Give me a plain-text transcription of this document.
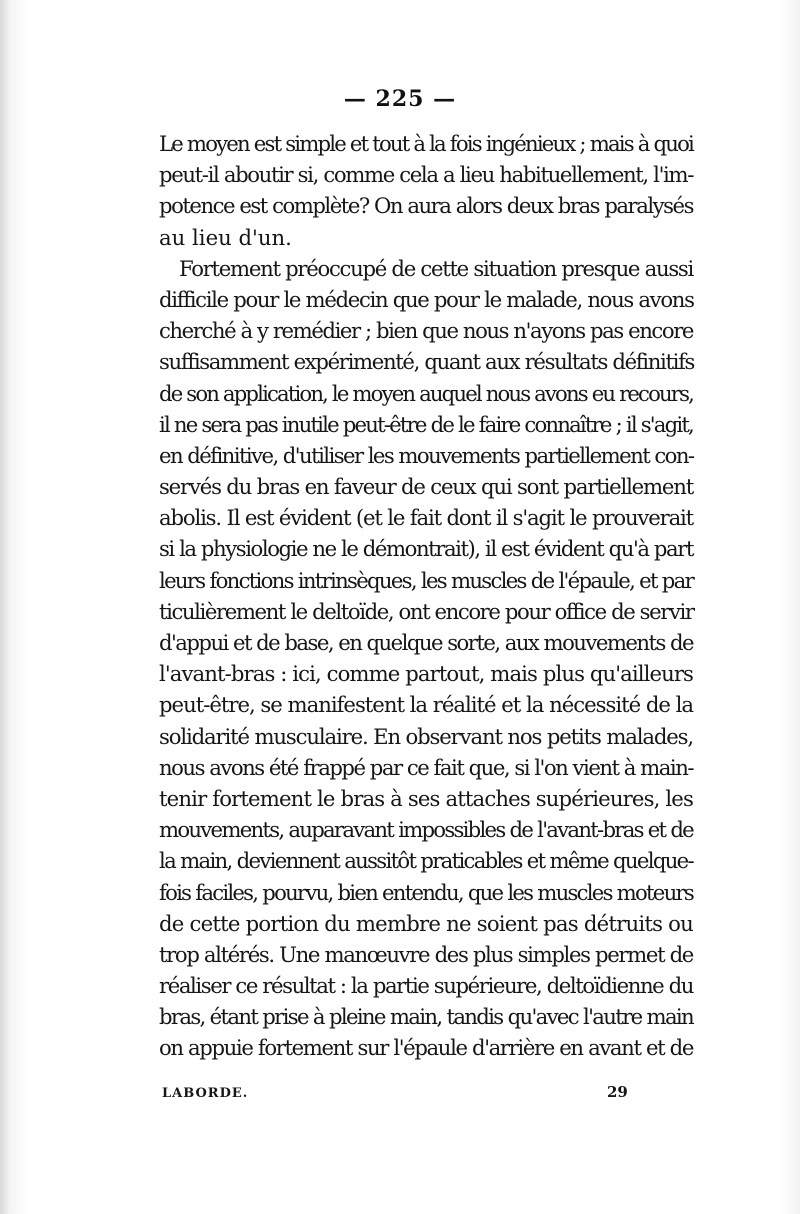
— 225 —
Le moyen est simple et tout à la fois ingénieux ; mais à quoi
peut-il aboutir si, comme cela a lieu habituellement, l'im-
potence est complète? On aura alors deux bras paralysés
au lieu d'un.
Fortement préoccupé de cette situation presque aussi
difficile pour le médecin que pour le malade, nous avons
cherché à y remédier ; bien que nous n'ayons pas encore
suffisamment expérimenté, quant aux résultats définitifs
de son application, le moyen auquel nous avons eu recours,
il ne sera pas inutile peut-être de le faire connaître ; il s'agit,
en définitive, d'utiliser les mouvements partiellement con-
servés du bras en faveur de ceux qui sont partiellement
abolis. Il est évident (et le fait dont il s'agit le prouverait
si la physiologie ne le démontrait), il est évident qu'à part
leurs fonctions intrinsèques, les muscles de l'épaule, et par
ticulièrement le deltoïde, ont encore pour office de servir
d'appui et de base, en quelque sorte, aux mouvements de
l'avant-bras : ici, comme partout, mais plus qu'ailleurs
peut-être, se manifestent la réalité et la nécessité de la
solidarité musculaire. En observant nos petits malades,
nous avons été frappé par ce fait que, si l'on vient à main-
tenir fortement le bras à ses attaches supérieures, les
mouvements, auparavant impossibles de l'avant-bras et de
la main, deviennent aussitôt praticables et même quelque-
fois faciles, pourvu, bien entendu, que les muscles moteurs
de cette portion du membre ne soient pas détruits ou
trop altérés. Une manœuvre des plus simples permet de
réaliser ce résultat : la partie supérieure, deltoïdienne du
bras, étant prise à pleine main, tandis qu'avec l'autre main
on appuie fortement sur l'épaule d'arrière en avant et de
LABORDE.	29
